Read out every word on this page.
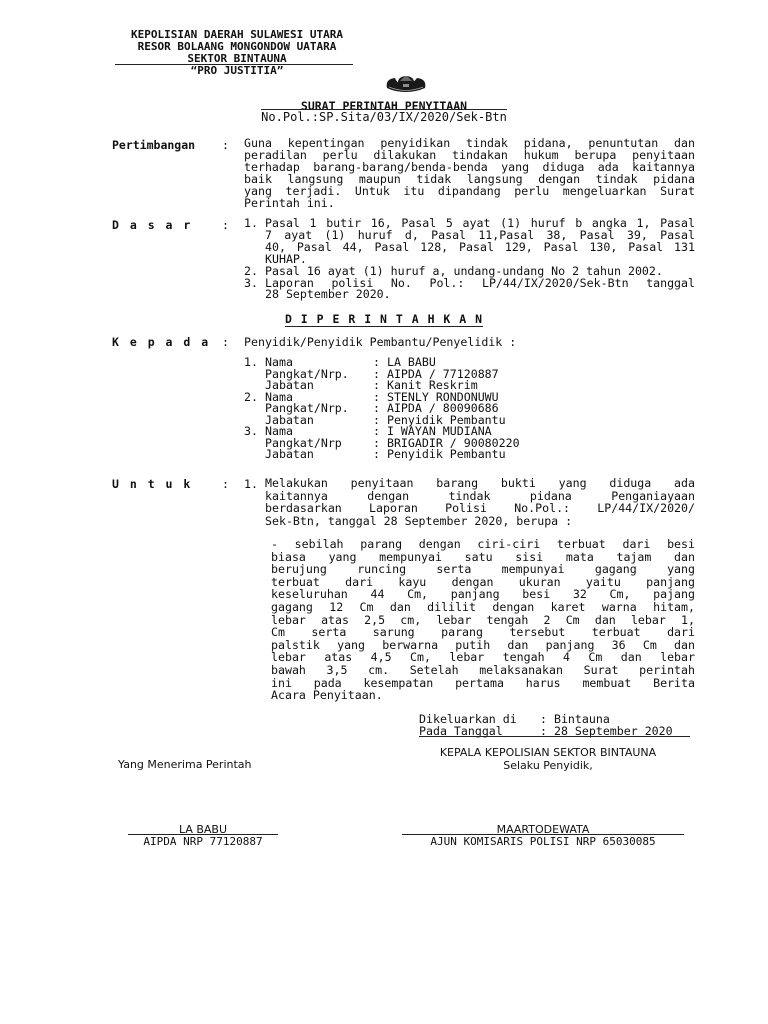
KEPOLISIAN DAERAH SULAWESI UTARA
RESOR BOLAANG MONGONDOW UATARA
SEKTOR BINTAUNA
“PRO JUSTITIA”
SURAT PERINTAH PENYITAAN
No.Pol.:SP.Sita/03/IX/2020/Sek-Btn
Pertimbangan : Guna kepentingan penyidikan tindak pidana, penuntutan dan
peradilan perlu dilakukan tindakan hukum berupa penyitaan
terhadap barang-barang/benda-benda yang diduga ada kaitannya
baik langsung maupun tidak langsung dengan tindak pidana
yang terjadi. Untuk itu dipandang perlu mengeluarkan Surat
Perintah ini.
D a s a r	: 1. Pasal 1 butir 16, Pasal 5 ayat (1) huruf b angka 1, Pasal
7 ayat (1) huruf d, Pasal 11,Pasal 38, Pasal 39, Pasal
40, Pasal 44, Pasal 128, Pasal 129, Pasal 130, Pasal 131
KUHAP.
2. Pasal 16 ayat (1) huruf a, undang-undang No 2 tahun 2002.
3. Laporan polisi No. Pol.: LP/44/IX/2020/Sek-Btn tanggal
28 September 2020.
D I P E R I N T A H K A N
K e p a d a : Penyidik/Penyidik Pembantu/Penyelidik :
1. Nama	: LA BABU
Pangkat/Nrp. : AIPDA / 77120887
Jabatan	: Kanit Reskrim
2. Nama	: STENLY RONDONUWU
Pangkat/Nrp. : AIPDA / 80090686
Jabatan	: Penyidik Pembantu
3. Nama	: I WAYAN MUDIANA
Pangkat/Nrp	: BRIGADIR / 90080220
Jabatan	: Penyidik Pembantu
U n t u k	: 1. Melakukan penyitaan barang bukti yang diduga ada
kaitannya dengan tindak pidana Penganiayaan
berdasarkan Laporan Polisi No.Pol.: LP/44/IX/2020/
Sek-Btn, tanggal 28 September 2020, berupa :
- sebilah parang dengan ciri-ciri terbuat dari besi
biasa yang mempunyai satu sisi mata tajam dan
berujung runcing serta mempunyai gagang yang
terbuat dari kayu dengan ukuran yaitu panjang
keseluruhan 44 Cm, panjang besi 32 Cm, pajang
gagang 12 Cm dan dililit dengan karet warna hitam,
lebar atas 2,5 cm, lebar tengah 2 Cm dan lebar 1,
Cm serta sarung parang tersebut terbuat dari
palstik yang berwarna putih dan panjang 36 Cm dan
lebar atas 4,5 Cm, lebar tengah 4 Cm dan lebar
bawah 3,5 cm. Setelah melaksanakan Surat perintah
ini pada kesempatan pertama harus membuat Berita
Acara Penyitaan.
Dikeluarkan di : Bintauna
Pada Tanggal	: 28 September 2020
KEPALA KEPOLISIAN SEKTOR BINTAUNA
Selaku Penyidik,
Yang Menerima Perintah
LA BABU
AIPDA NRP 77120887
MAARTODEWATA
AJUN KOMISARIS POLISI NRP 65030085
